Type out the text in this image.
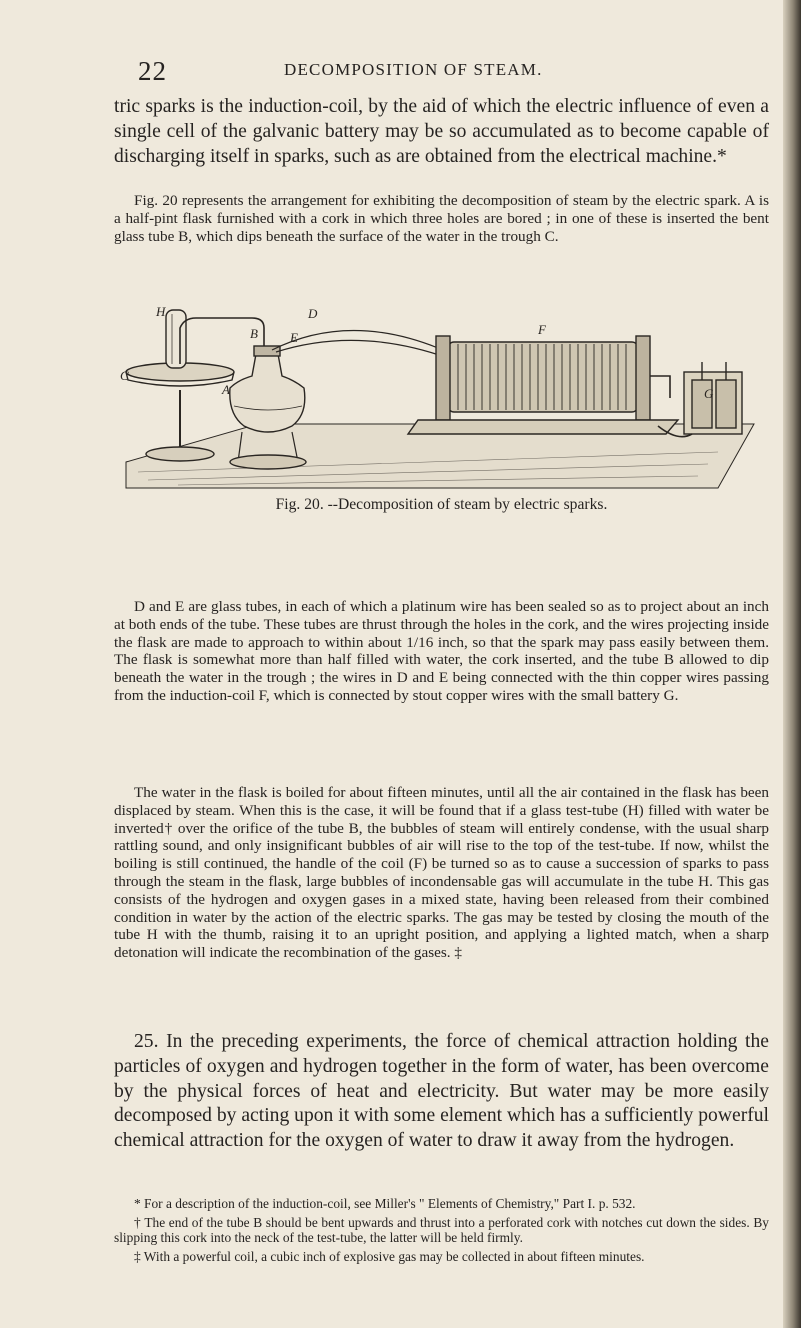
22	DECOMPOSITION OF STEAM.

tric sparks is the induction-coil, by the aid of which the electric influence of even a single cell of the galvanic battery may be so accumulated as to become capable of discharging itself in sparks, such as are obtained from the electrical machine.*

Fig. 20 represents the arrangement for exhibiting the decomposition of steam by the electric spark. A is a half-pint flask furnished with a cork in which three holes are bored ; in one of these is inserted the bent glass tube B, which dips beneath the surface of the water in the trough C.

H
C
B
A
D
E
F
G
Fig. 20. --Decomposition of steam by electric sparks.

D and E are glass tubes, in each of which a platinum wire has been sealed so as to project about an inch at both ends of the tube. These tubes are thrust through the holes in the cork, and the wires projecting inside the flask are made to approach to within about 1/16 inch, so that the spark may pass easily between them. The flask is somewhat more than half filled with water, the cork inserted, and the tube B allowed to dip beneath the water in the trough ; the wires in D and E being connected with the thin copper wires passing from the induction-coil F, which is connected by stout copper wires with the small battery G.

The water in the flask is boiled for about fifteen minutes, until all the air contained in the flask has been displaced by steam. When this is the case, it will be found that if a glass test-tube (H) filled with water be inverted† over the orifice of the tube B, the bubbles of steam will entirely condense, with the usual sharp rattling sound, and only insignificant bubbles of air will rise to the top of the test-tube. If now, whilst the boiling is still continued, the handle of the coil (F) be turned so as to cause a succession of sparks to pass through the steam in the flask, large bubbles of incondensable gas will accumulate in the tube H. This gas consists of the hydrogen and oxygen gases in a mixed state, having been released from their combined condition in water by the action of the electric sparks. The gas may be tested by closing the mouth of the tube H with the thumb, raising it to an upright position, and applying a lighted match, when a sharp detonation will indicate the recombination of the gases. ‡

25. In the preceding experiments, the force of chemical attraction holding the particles of oxygen and hydrogen together in the form of water, has been overcome by the physical forces of heat and electricity. But water may be more easily decomposed by acting upon it with some element which has a sufficiently powerful chemical attraction for the oxygen of water to draw it away from the hydrogen.

* For a description of the induction-coil, see Miller's " Elements of Chemistry," Part I. p. 532.

† The end of the tube B should be bent upwards and thrust into a perforated cork with notches cut down the sides. By slipping this cork into the neck of the test-tube, the latter will be held firmly.

‡ With a powerful coil, a cubic inch of explosive gas may be collected in about fifteen minutes.
